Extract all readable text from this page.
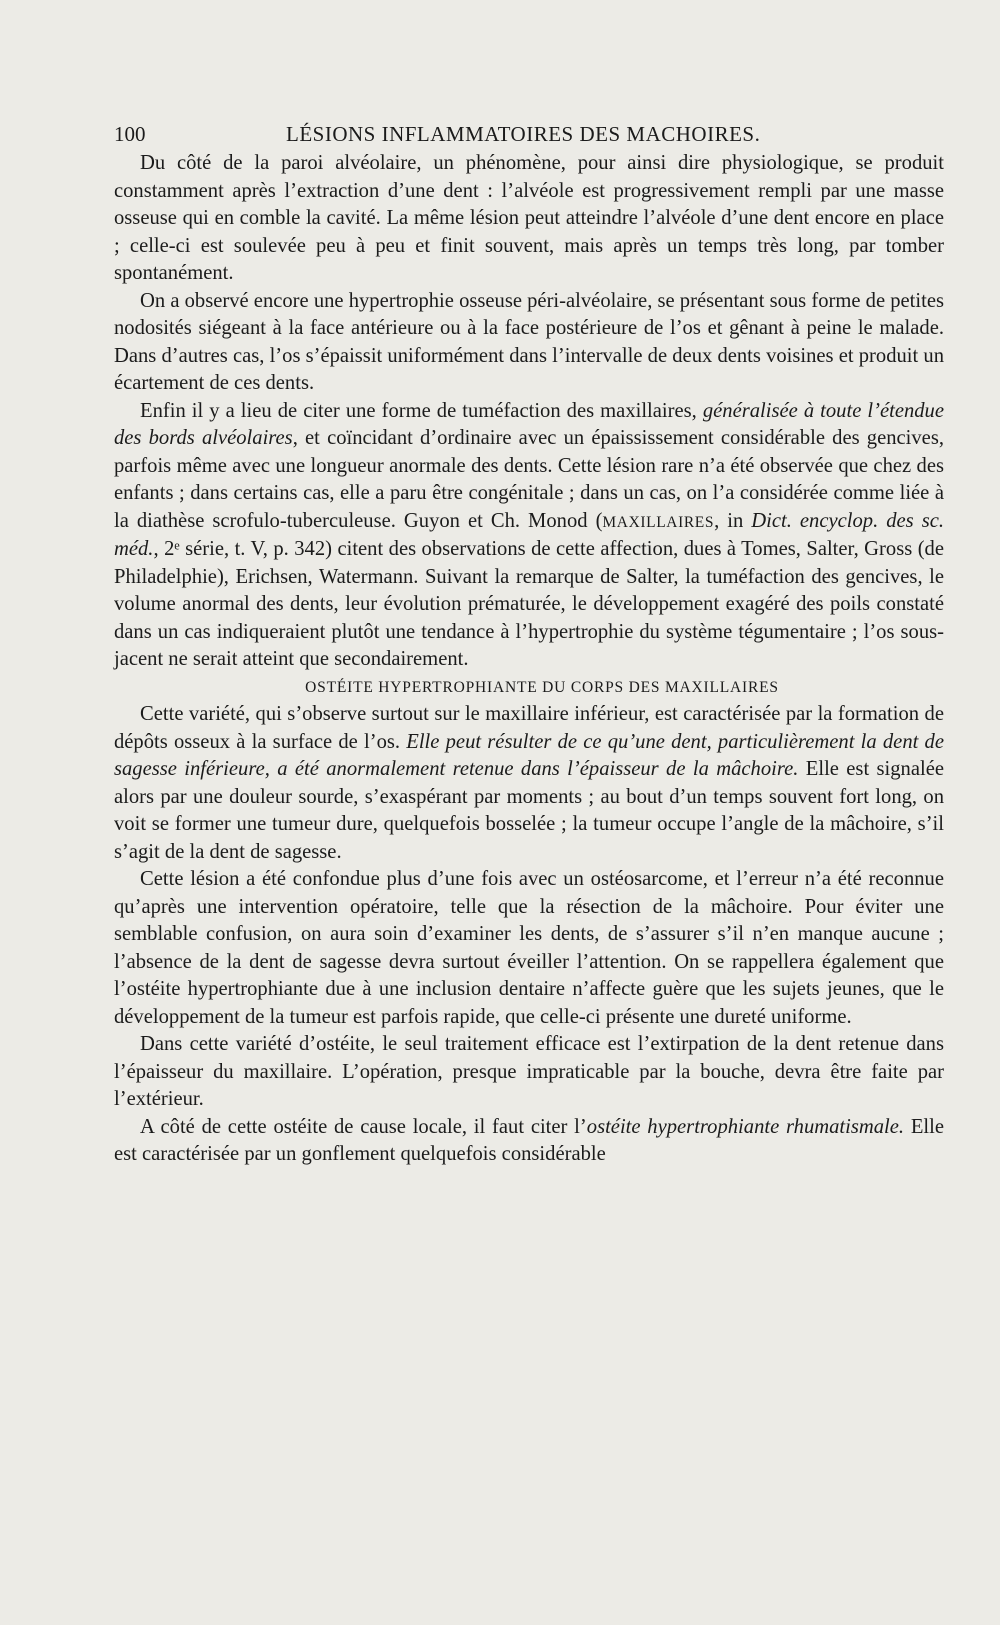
100	LÉSIONS INFLAMMATOIRES DES MACHOIRES.

Du côté de la paroi alvéolaire, un phénomène, pour ainsi dire physiologique, se produit constamment après l’extraction d’une dent : l’alvéole est progressivement rempli par une masse osseuse qui en comble la cavité. La même lésion peut atteindre l’alvéole d’une dent encore en place ; celle-ci est soulevée peu à peu et finit souvent, mais après un temps très long, par tomber spontanément.

On a observé encore une hypertrophie osseuse péri-alvéolaire, se présentant sous forme de petites nodosités siégeant à la face antérieure ou à la face postérieure de l’os et gênant à peine le malade. Dans d’autres cas, l’os s’épaissit uniformément dans l’intervalle de deux dents voisines et produit un écartement de ces dents.

Enfin il y a lieu de citer une forme de tuméfaction des maxillaires, généralisée à toute l’étendue des bords alvéolaires, et coïncidant d’ordinaire avec un épaississement considérable des gencives, parfois même avec une longueur anormale des dents. Cette lésion rare n’a été observée que chez des enfants ; dans certains cas, elle a paru être congénitale ; dans un cas, on l’a considérée comme liée à la diathèse scrofulo-tuberculeuse. Guyon et Ch. Monod (MAXILLAIRES, in Dict. encyclop. des sc. méd., 2ᵉ série, t. V, p. 342) citent des observations de cette affection, dues à Tomes, Salter, Gross (de Philadelphie), Erichsen, Watermann. Suivant la remarque de Salter, la tuméfaction des gencives, le volume anormal des dents, leur évolution prématurée, le développement exagéré des poils constaté dans un cas indiqueraient plutôt une tendance à l’hypertrophie du système tégumentaire ; l’os sous-jacent ne serait atteint que secondairement.

OSTÉITE HYPERTROPHIANTE DU CORPS DES MAXILLAIRES

Cette variété, qui s’observe surtout sur le maxillaire inférieur, est caractérisée par la formation de dépôts osseux à la surface de l’os. Elle peut résulter de ce qu’une dent, particulièrement la dent de sagesse inférieure, a été anormalement retenue dans l’épaisseur de la mâchoire. Elle est signalée alors par une douleur sourde, s’exaspérant par moments ; au bout d’un temps souvent fort long, on voit se former une tumeur dure, quelquefois bosselée ; la tumeur occupe l’angle de la mâchoire, s’il s’agit de la dent de sagesse.

Cette lésion a été confondue plus d’une fois avec un ostéosarcome, et l’erreur n’a été reconnue qu’après une intervention opératoire, telle que la résection de la mâchoire. Pour éviter une semblable confusion, on aura soin d’examiner les dents, de s’assurer s’il n’en manque aucune ; l’absence de la dent de sagesse devra surtout éveiller l’attention. On se rappellera également que l’ostéite hypertrophiante due à une inclusion dentaire n’affecte guère que les sujets jeunes, que le développement de la tumeur est parfois rapide, que celle-ci présente une dureté uniforme.

Dans cette variété d’ostéite, le seul traitement efficace est l’extirpation de la dent retenue dans l’épaisseur du maxillaire. L’opération, presque impraticable par la bouche, devra être faite par l’extérieur.

A côté de cette ostéite de cause locale, il faut citer l’ostéite hypertrophiante rhumatismale. Elle est caractérisée par un gonflement quelquefois considérable
